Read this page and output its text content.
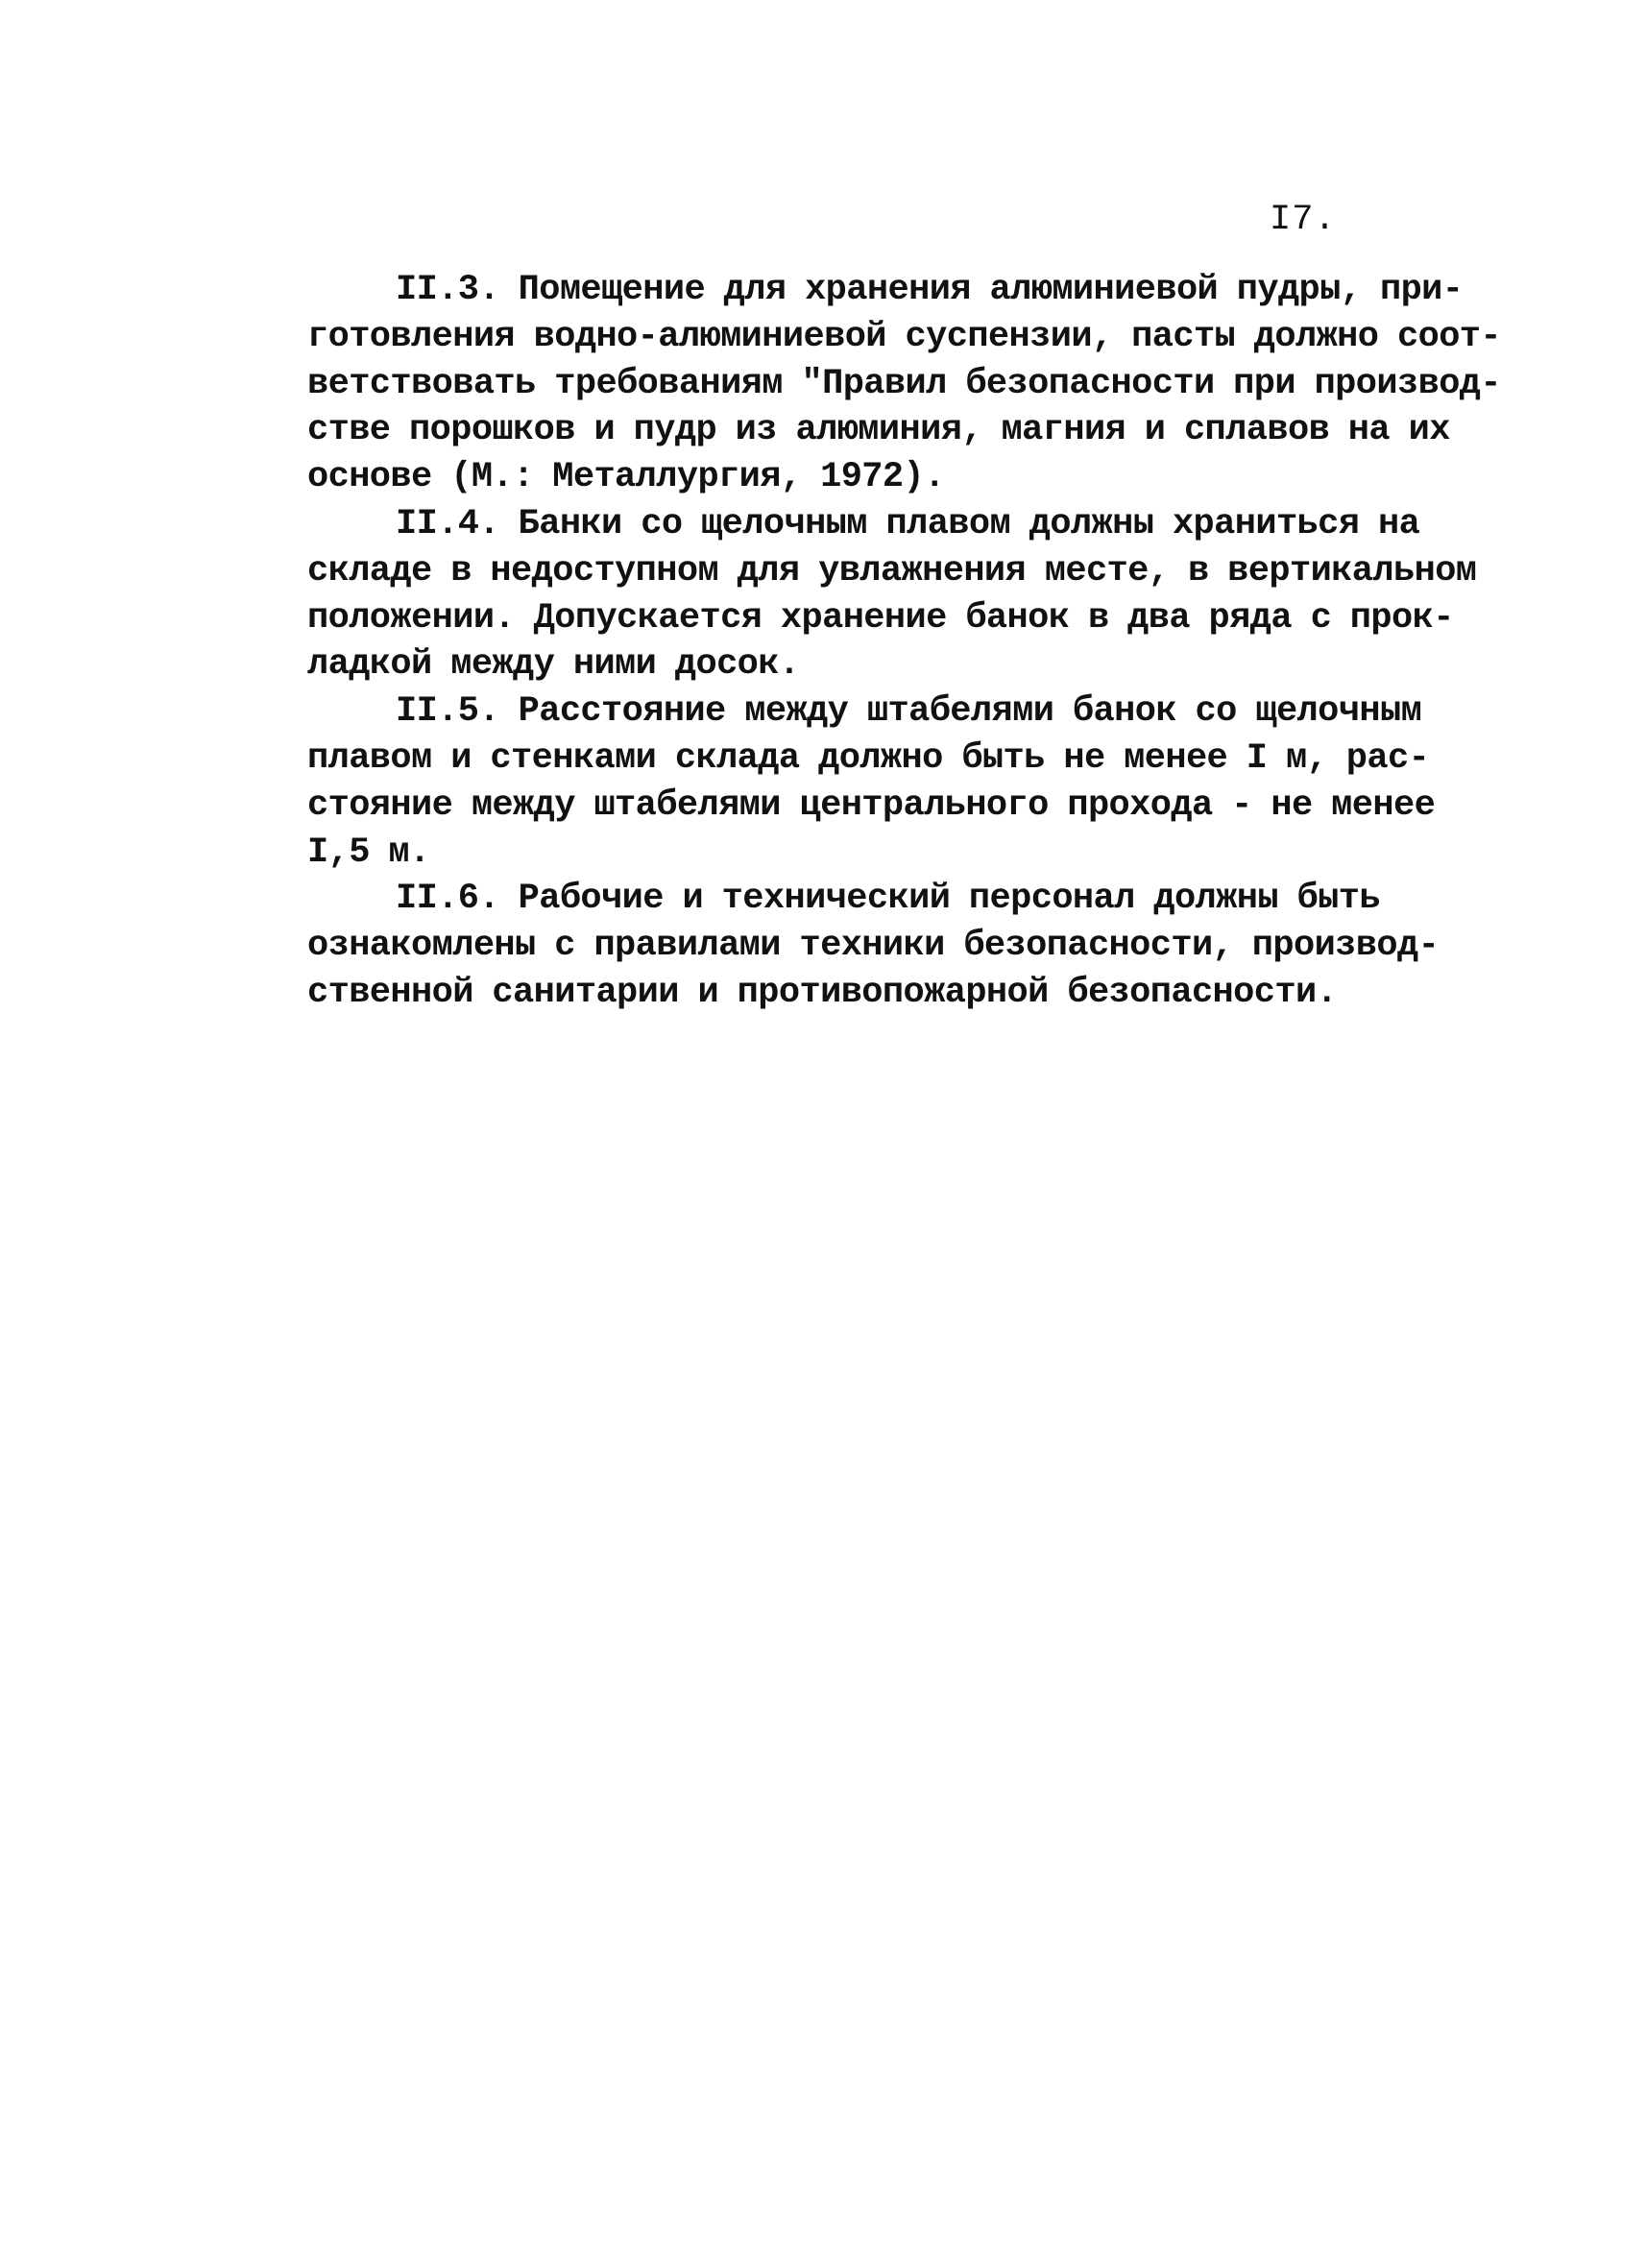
I7.
II.3. Помещение для хранения алюминиевой пудры, при-
готовления водно-алюминиевой суспензии, пасты должно соот-
ветствовать требованиям "Правил безопасности при производ-
стве порошков и пудр из алюминия, магния и сплавов на их
основе (М.: Металлургия, 1972).
II.4. Банки со щелочным плавом должны храниться на
складе в недоступном для увлажнения месте, в вертикальном
положении. Допускается хранение банок в два ряда с прок-
ладкой между ними досок.
II.5. Расстояние между штабелями банок со щелочным
плавом и стенками склада должно быть не менее I м, рас-
стояние между штабелями центрального прохода - не менее
I,5 м.
II.6. Рабочие и технический персонал должны быть
ознакомлены с правилами техники безопасности, производ-
ственной санитарии и противопожарной безопасности.
